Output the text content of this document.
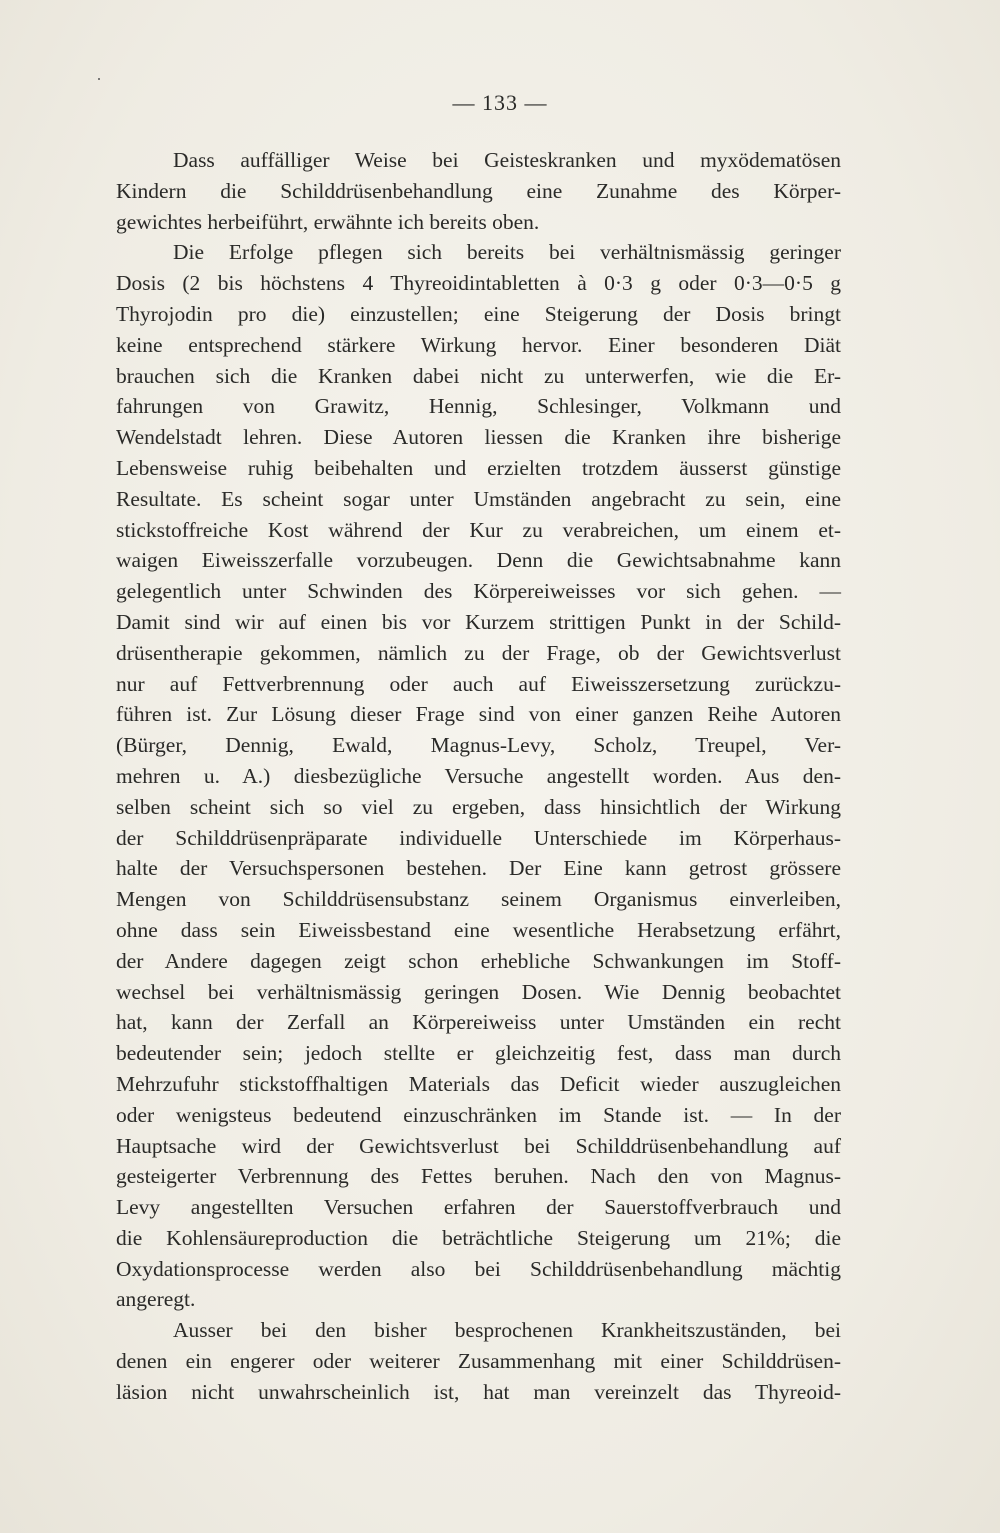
— 133 —
Dass auffälliger Weise bei Geisteskranken und myxödematösen
Kindern die Schilddrüsenbehandlung eine Zunahme des Körper-
gewichtes herbeiführt, erwähnte ich bereits oben.
Die Erfolge pflegen sich bereits bei verhältnismässig geringer
Dosis (2 bis höchstens 4 Thyreoidintabletten à 0·3 g oder 0·3—0·5 g
Thyrojodin pro die) einzustellen; eine Steigerung der Dosis bringt
keine entsprechend stärkere Wirkung hervor. Einer besonderen Diät
brauchen sich die Kranken dabei nicht zu unterwerfen, wie die Er-
fahrungen von Grawitz, Hennig, Schlesinger, Volkmann und
Wendelstadt lehren. Diese Autoren liessen die Kranken ihre bisherige
Lebensweise ruhig beibehalten und erzielten trotzdem äusserst günstige
Resultate. Es scheint sogar unter Umständen angebracht zu sein, eine
stickstoffreiche Kost während der Kur zu verabreichen, um einem et-
waigen Eiweisszerfalle vorzubeugen. Denn die Gewichtsabnahme kann
gelegentlich unter Schwinden des Körpereiweisses vor sich gehen. —
Damit sind wir auf einen bis vor Kurzem strittigen Punkt in der Schild-
drüsentherapie gekommen, nämlich zu der Frage, ob der Gewichtsverlust
nur auf Fettverbrennung oder auch auf Eiweisszersetzung zurückzu-
führen ist. Zur Lösung dieser Frage sind von einer ganzen Reihe Autoren
(Bürger, Dennig, Ewald, Magnus-Levy, Scholz, Treupel, Ver-
mehren u. A.) diesbezügliche Versuche angestellt worden. Aus den-
selben scheint sich so viel zu ergeben, dass hinsichtlich der Wirkung
der Schilddrüsenpräparate individuelle Unterschiede im Körperhaus-
halte der Versuchspersonen bestehen. Der Eine kann getrost grössere
Mengen von Schilddrüsensubstanz seinem Organismus einverleiben,
ohne dass sein Eiweissbestand eine wesentliche Herabsetzung erfährt,
der Andere dagegen zeigt schon erhebliche Schwankungen im Stoff-
wechsel bei verhältnismässig geringen Dosen. Wie Dennig beobachtet
hat, kann der Zerfall an Körpereiweiss unter Umständen ein recht
bedeutender sein; jedoch stellte er gleichzeitig fest, dass man durch
Mehrzufuhr stickstoffhaltigen Materials das Deficit wieder auszugleichen
oder wenigsteus bedeutend einzuschränken im Stande ist. — In der
Hauptsache wird der Gewichtsverlust bei Schilddrüsenbehandlung auf
gesteigerter Verbrennung des Fettes beruhen. Nach den von Magnus-
Levy angestellten Versuchen erfahren der Sauerstoffverbrauch und
die Kohlensäureproduction die beträchtliche Steigerung um 21%; die
Oxydationsprocesse werden also bei Schilddrüsenbehandlung mächtig
angeregt.
Ausser bei den bisher besprochenen Krankheitszuständen, bei
denen ein engerer oder weiterer Zusammenhang mit einer Schilddrüsen-
läsion nicht unwahrscheinlich ist, hat man vereinzelt das Thyreoid-
